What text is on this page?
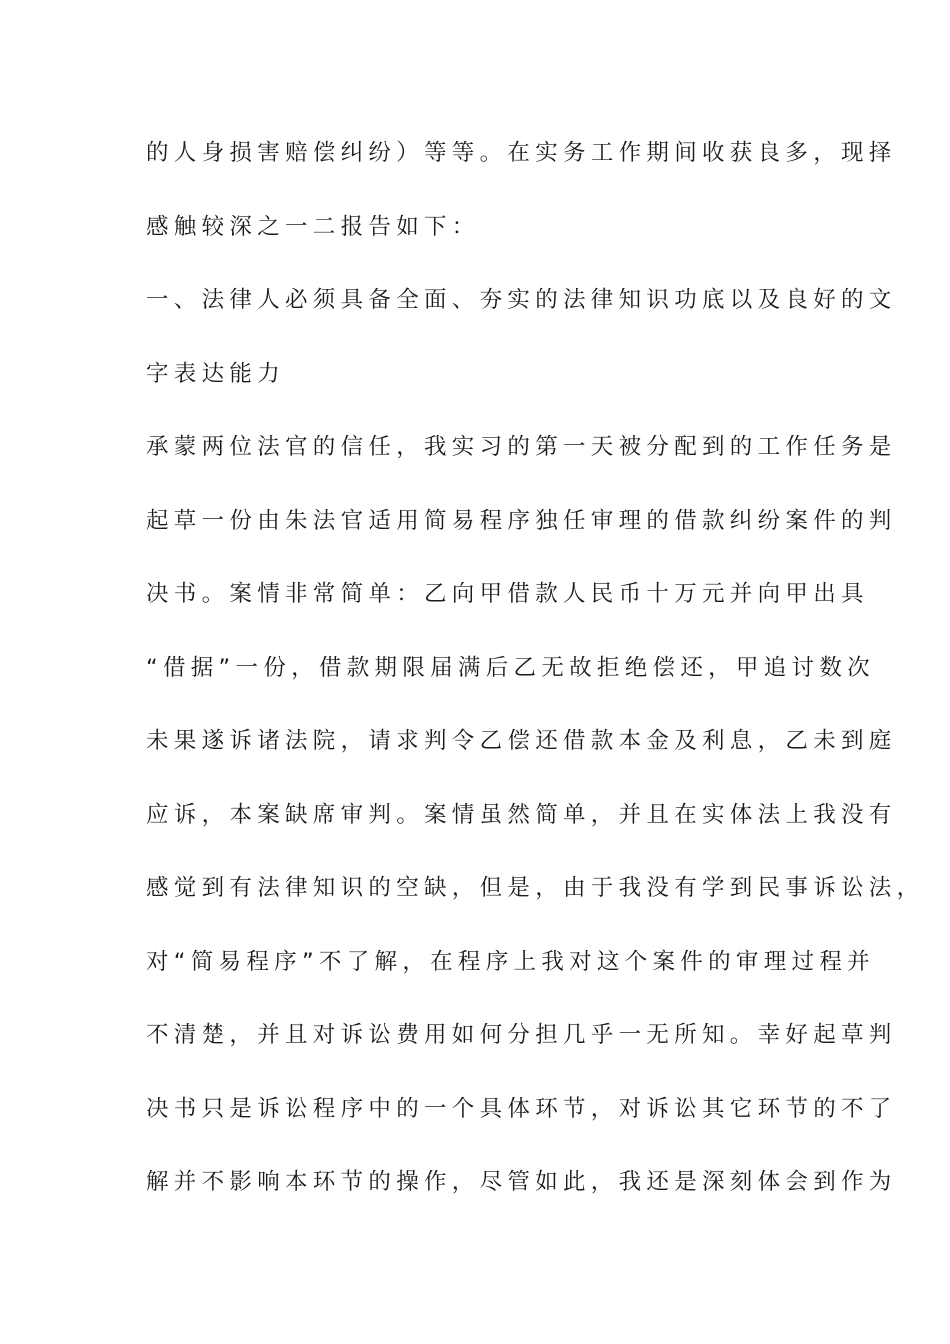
的人身损害赔偿纠纷）等等。在实务工作期间收获良多，现择
感触较深之一二报告如下：
一、法律人必须具备全面、夯实的法律知识功底以及良好的文
字表达能力
承蒙两位法官的信任，我实习的第一天被分配到的工作任务是
起草一份由朱法官适用简易程序独任审理的借款纠纷案件的判
决书。案情非常简单：乙向甲借款人民币十万元并向甲出具
“借据”一份，借款期限届满后乙无故拒绝偿还，甲追讨数次
未果遂诉诸法院，请求判令乙偿还借款本金及利息，乙未到庭
应诉，本案缺席审判。案情虽然简单，并且在实体法上我没有
感觉到有法律知识的空缺，但是，由于我没有学到民事诉讼法，
对“简易程序”不了解，在程序上我对这个案件的审理过程并
不清楚，并且对诉讼费用如何分担几乎一无所知。幸好起草判
决书只是诉讼程序中的一个具体环节，对诉讼其它环节的不了
解并不影响本环节的操作，尽管如此，我还是深刻体会到作为
